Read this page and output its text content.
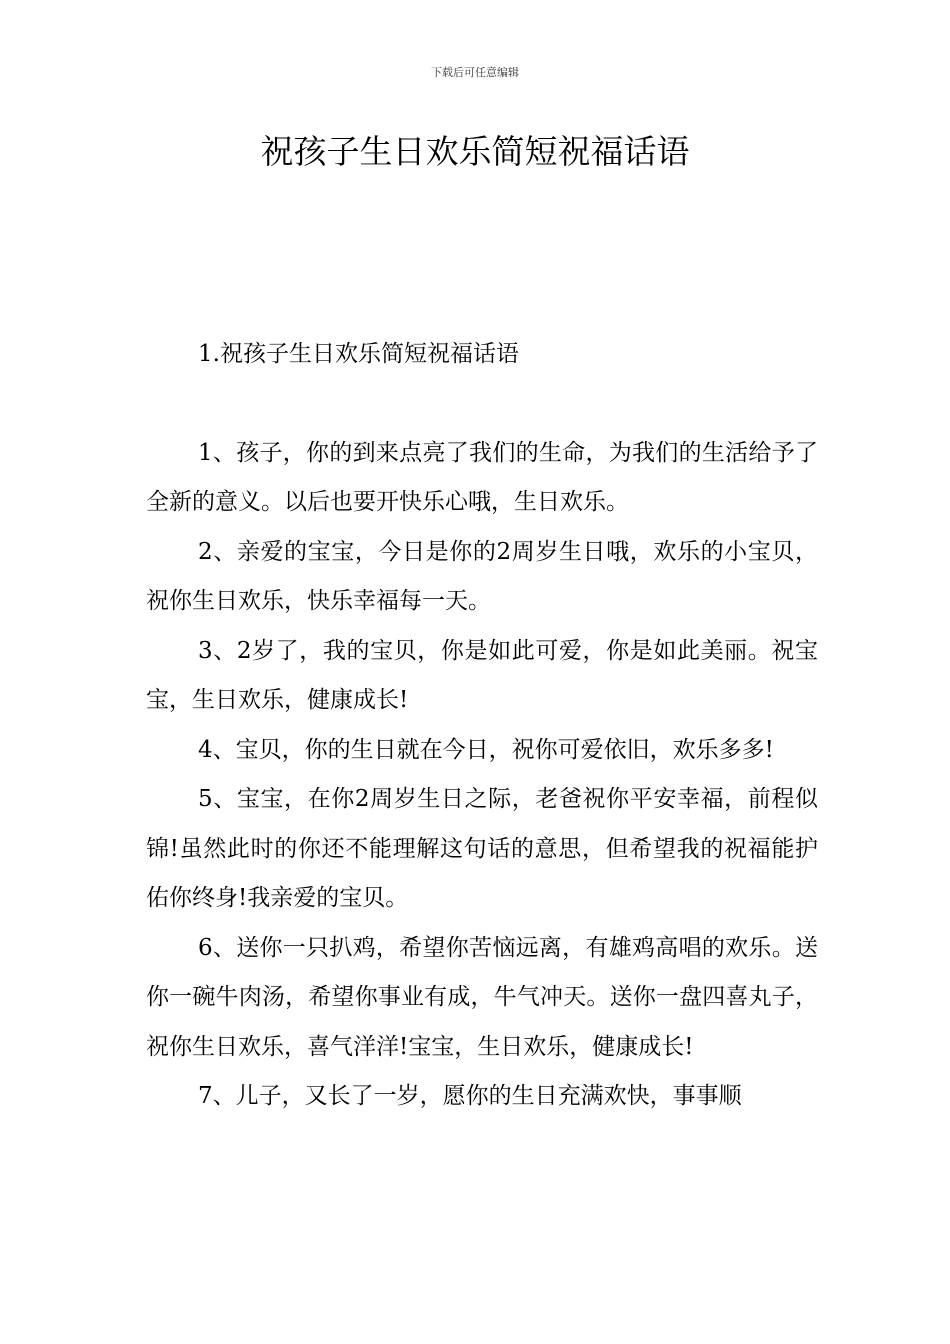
下载后可任意编辑
祝孩子生日欢乐简短祝福话语

1.祝孩子生日欢乐简短祝福话语

1、孩子，你的到来点亮了我们的生命，为我们的生活给予了全新的意义。以后也要开快乐心哦，生日欢乐。

2、亲爱的宝宝，今日是你的2周岁生日哦，欢乐的小宝贝，祝你生日欢乐，快乐幸福每一天。

3、2岁了，我的宝贝，你是如此可爱，你是如此美丽。祝宝宝，生日欢乐，健康成长!

4、宝贝，你的生日就在今日，祝你可爱依旧，欢乐多多!

5、宝宝，在你2周岁生日之际，老爸祝你平安幸福，前程似锦!虽然此时的你还不能理解这句话的意思，但希望我的祝福能护佑你终身!我亲爱的宝贝。

6、送你一只扒鸡，希望你苦恼远离，有雄鸡高唱的欢乐。送你一碗牛肉汤，希望你事业有成，牛气冲天。送你一盘四喜丸子，祝你生日欢乐，喜气洋洋!宝宝，生日欢乐，健康成长!

7、儿子，又长了一岁，愿你的生日充满欢快，事事顺
